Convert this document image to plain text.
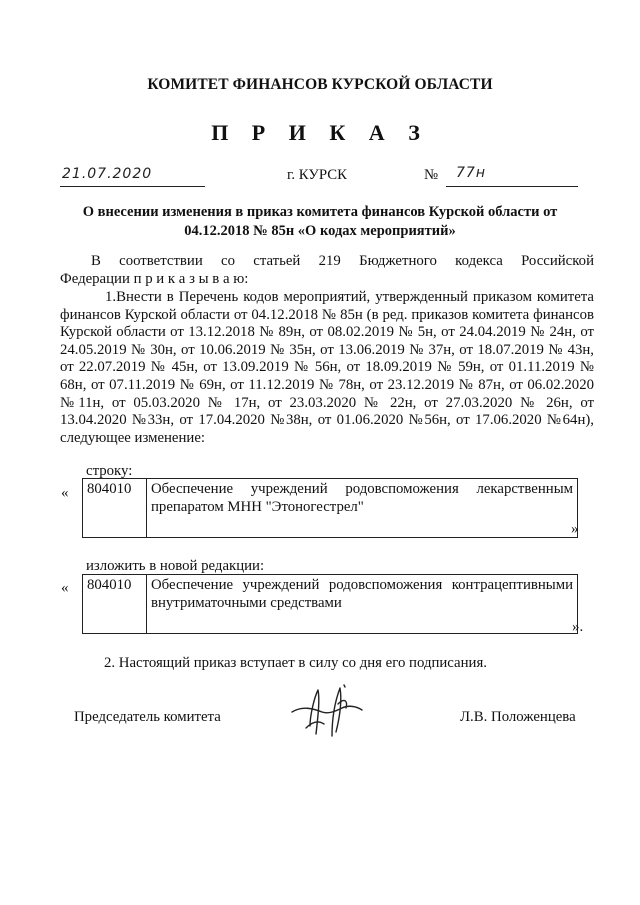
КОМИТЕТ ФИНАНСОВ КУРСКОЙ ОБЛАСТИ
П Р И К А З
21.07.2020	г. КУРСК	№ 77н
О внесении изменения в приказ комитета финансов Курской области от 04.12.2018 № 85н «О кодах мероприятий»
В соответствии со статьей 219 Бюджетного кодекса Российской
Федерации п р и к а з ы в а ю:
1.Внести в Перечень кодов мероприятий, утвержденный приказом комитета финансов Курской области от 04.12.2018 № 85н (в ред. приказов комитета финансов Курской области от 13.12.2018 № 89н, от 08.02.2019 № 5н, от 24.04.2019 № 24н, от 24.05.2019 № 30н, от 10.06.2019 № 35н, от 13.06.2019 № 37н, от 18.07.2019 № 43н, от 22.07.2019 № 45н, от 13.09.2019 № 56н, от 18.09.2019 № 59н, от 01.11.2019 № 68н, от 07.11.2019 № 69н, от 11.12.2019 № 78н, от 23.12.2019 № 87н, от 06.02.2020 №11н, от 05.03.2020 № 17н, от 23.03.2020 № 22н, от 27.03.2020 № 26н, от 13.04.2020 №33н, от 17.04.2020 №38н, от 01.06.2020 №56н, от 17.06.2020 №64н), следующее изменение:
строку:
« 804010	Обеспечение учреждений родовспоможения лекарственным препаратом МНН "Этоногестрел"
»
изложить в новой редакции:
« 804010	Обеспечение учреждений родовспоможения контрацептивными внутриматочными средствами
».
2. Настоящий приказ вступает в силу со дня его подписания.
Председатель комитета	Л.В. Положенцева
